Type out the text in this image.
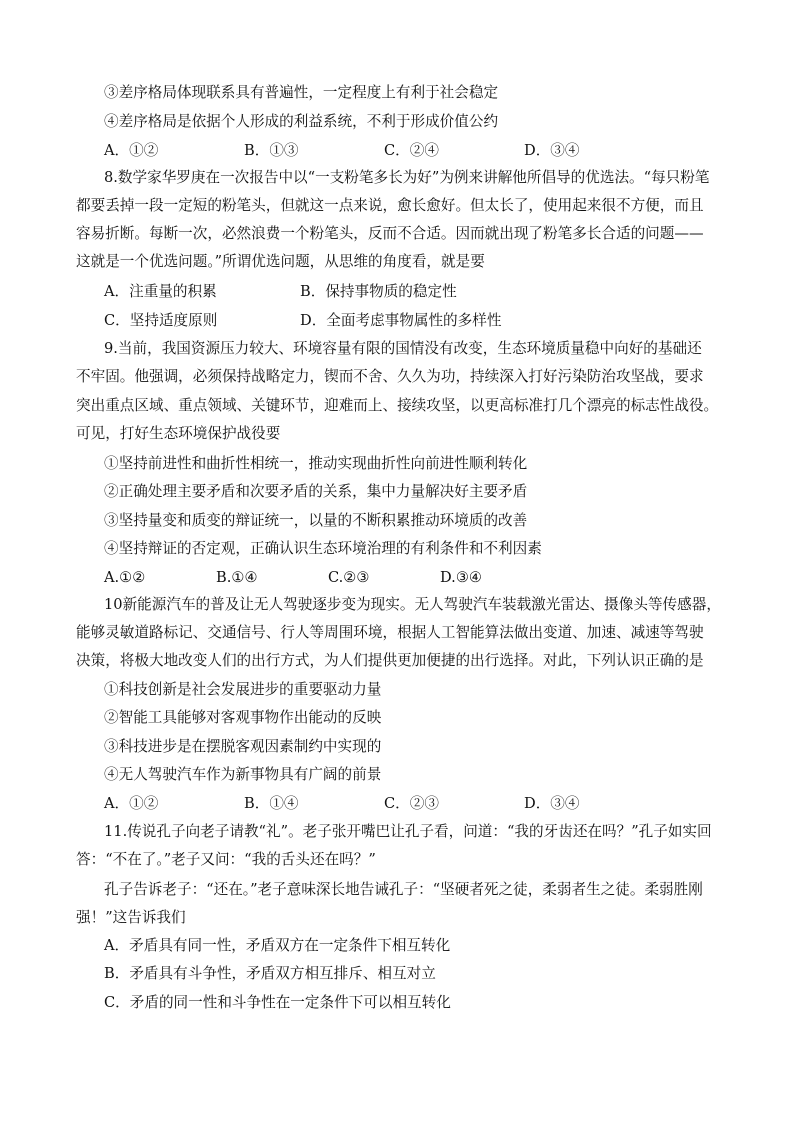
③差序格局体现联系具有普遍性，一定程度上有利于社会稳定
④差序格局是依据个人形成的利益系统，不利于形成价值公约
A．①②	B．①③	C．②④	D．③④
8.数学家华罗庚在一次报告中以“一支粉笔多长为好”为例来讲解他所倡导的优选法。“每只粉笔
都要丢掉一段一定短的粉笔头，但就这一点来说，愈长愈好。但太长了，使用起来很不方便，而且
容易折断。每断一次，必然浪费一个粉笔头，反而不合适。因而就出现了粉笔多长合适的问题——
这就是一个优选问题。”所谓优选问题，从思维的角度看，就是要
A．注重量的积累	B．保持事物质的稳定性
C．坚持适度原则	D．全面考虑事物属性的多样性
9.当前，我国资源压力较大、环境容量有限的国情没有改变，生态环境质量稳中向好的基础还
不牢固。他强调，必须保持战略定力，锲而不舍、久久为功，持续深入打好污染防治攻坚战，要求
突出重点区域、重点领域、关键环节，迎难而上、接续攻坚，以更高标准打几个漂亮的标志性战役。
可见，打好生态环境保护战役要
①坚持前进性和曲折性相统一，推动实现曲折性向前进性顺利转化
②正确处理主要矛盾和次要矛盾的关系，集中力量解决好主要矛盾
③坚持量变和质变的辩证统一，以量的不断积累推动环境质的改善
④坚持辩证的否定观，正确认识生态环境治理的有利条件和不利因素
A.①②	B.①④	C.②③	D.③④
10新能源汽车的普及让无人驾驶逐步变为现实。无人驾驶汽车装载激光雷达、摄像头等传感器，
能够灵敏道路标记、交通信号、行人等周围环境，根据人工智能算法做出变道、加速、减速等驾驶
决策，将极大地改变人们的出行方式，为人们提供更加便捷的出行选择。对此，下列认识正确的是
①科技创新是社会发展进步的重要驱动力量
②智能工具能够对客观事物作出能动的反映
③科技进步是在摆脱客观因素制约中实现的
④无人驾驶汽车作为新事物具有广阔的前景
A．①②	B．①④	C．②③	D．③④
11.传说孔子向老子请教“礼”。老子张开嘴巴让孔子看，问道：“我的牙齿还在吗？”孔子如实回
答：“不在了。”老子又问：“我的舌头还在吗？”
孔子告诉老子：“还在。”老子意味深长地告诫孔子：“坚硬者死之徒，柔弱者生之徒。柔弱胜刚
强！”这告诉我们
A．矛盾具有同一性，矛盾双方在一定条件下相互转化
B．矛盾具有斗争性，矛盾双方相互排斥、相互对立
C．矛盾的同一性和斗争性在一定条件下可以相互转化
